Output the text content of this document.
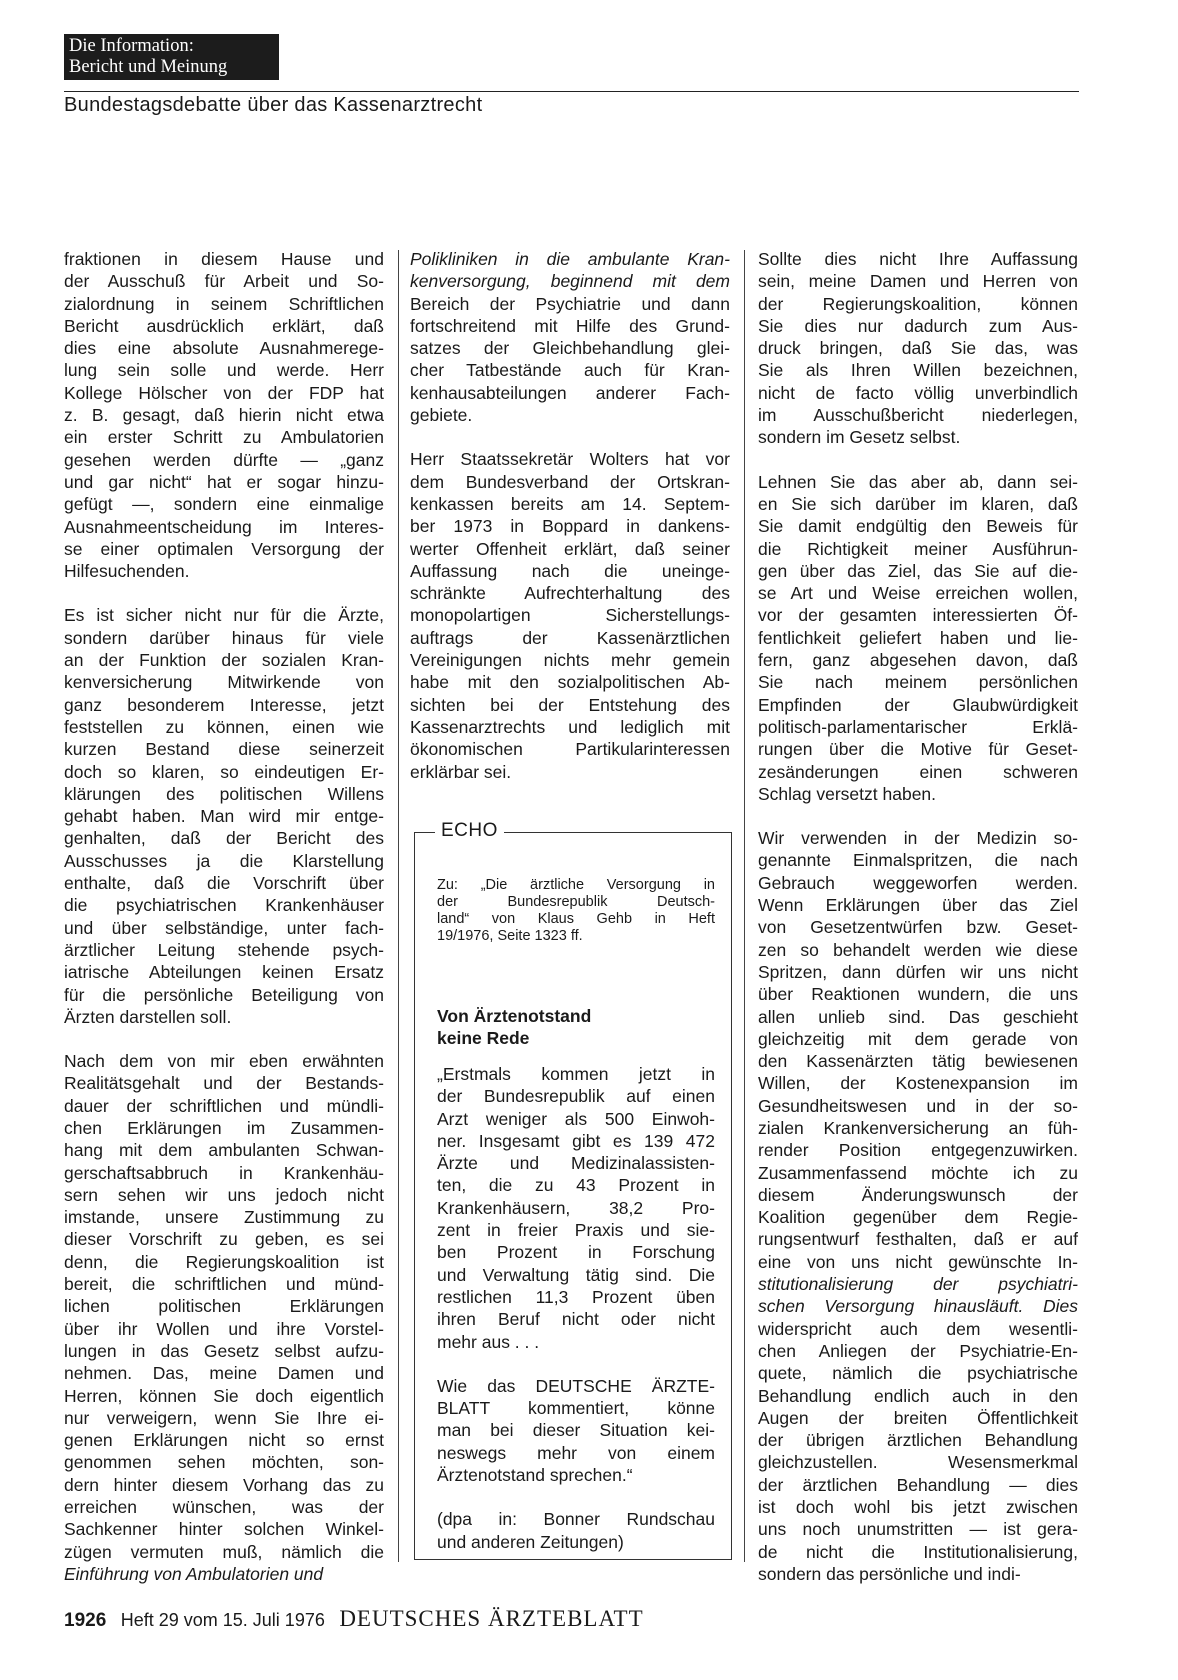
Die Information:
Bericht und Meinung
Bundestagsdebatte über das Kassenarztrecht
fraktionen in diesem Hause und
der Ausschuß für Arbeit und So-
zialordnung in seinem Schriftlichen
Bericht ausdrücklich erklärt, daß
dies eine absolute Ausnahmerege-
lung sein solle und werde. Herr
Kollege Hölscher von der FDP hat
z. B. gesagt, daß hierin nicht etwa
ein erster Schritt zu Ambulatorien
gesehen werden dürfte — „ganz
und gar nicht“ hat er sogar hinzu-
gefügt —, sondern eine einmalige
Ausnahmeentscheidung im Interes-
se einer optimalen Versorgung der
Hilfesuchenden.
Es ist sicher nicht nur für die Ärzte,
sondern darüber hinaus für viele
an der Funktion der sozialen Kran-
kenversicherung Mitwirkende von
ganz besonderem Interesse, jetzt
feststellen zu können, einen wie
kurzen Bestand diese seinerzeit
doch so klaren, so eindeutigen Er-
klärungen des politischen Willens
gehabt haben. Man wird mir entge-
genhalten, daß der Bericht des
Ausschusses ja die Klarstellung
enthalte, daß die Vorschrift über
die psychiatrischen Krankenhäuser
und über selbständige, unter fach-
ärztlicher Leitung stehende psych-
iatrische Abteilungen keinen Ersatz
für die persönliche Beteiligung von
Ärzten darstellen soll.
Nach dem von mir eben erwähnten
Realitätsgehalt und der Bestands-
dauer der schriftlichen und mündli-
chen Erklärungen im Zusammen-
hang mit dem ambulanten Schwan-
gerschaftsabbruch in Krankenhäu-
sern sehen wir uns jedoch nicht
imstande, unsere Zustimmung zu
dieser Vorschrift zu geben, es sei
denn, die Regierungskoalition ist
bereit, die schriftlichen und münd-
lichen politischen Erklärungen
über ihr Wollen und ihre Vorstel-
lungen in das Gesetz selbst aufzu-
nehmen. Das, meine Damen und
Herren, können Sie doch eigentlich
nur verweigern, wenn Sie Ihre ei-
genen Erklärungen nicht so ernst
genommen sehen möchten, son-
dern hinter diesem Vorhang das zu
erreichen wünschen, was der
Sachkenner hinter solchen Winkel-
zügen vermuten muß, nämlich die
Einführung von Ambulatorien und
Polikliniken in die ambulante Kran-
kenversorgung, beginnend mit dem
Bereich der Psychiatrie und dann
fortschreitend mit Hilfe des Grund-
satzes der Gleichbehandlung glei-
cher Tatbestände auch für Kran-
kenhausabteilungen anderer Fach-
gebiete.
Herr Staatssekretär Wolters hat vor
dem Bundesverband der Ortskran-
kenkassen bereits am 14. Septem-
ber 1973 in Boppard in dankens-
werter Offenheit erklärt, daß seiner
Auffassung nach die uneinge-
schränkte Aufrechterhaltung des
monopolartigen Sicherstellungs-
auftrags der Kassenärztlichen
Vereinigungen nichts mehr gemein
habe mit den sozialpolitischen Ab-
sichten bei der Entstehung des
Kassenarztrechts und lediglich mit
ökonomischen Partikularinteressen
erklärbar sei.
Sollte dies nicht Ihre Auffassung
sein, meine Damen und Herren von
der Regierungskoalition, können
Sie dies nur dadurch zum Aus-
druck bringen, daß Sie das, was
Sie als Ihren Willen bezeichnen,
nicht de facto völlig unverbindlich
im Ausschußbericht niederlegen,
sondern im Gesetz selbst.
Lehnen Sie das aber ab, dann sei-
en Sie sich darüber im klaren, daß
Sie damit endgültig den Beweis für
die Richtigkeit meiner Ausführun-
gen über das Ziel, das Sie auf die-
se Art und Weise erreichen wollen,
vor der gesamten interessierten Öf-
fentlichkeit geliefert haben und lie-
fern, ganz abgesehen davon, daß
Sie nach meinem persönlichen
Empfinden der Glaubwürdigkeit
politisch-parlamentarischer Erklä-
rungen über die Motive für Geset-
zesänderungen einen schweren
Schlag versetzt haben.
Wir verwenden in der Medizin so-
genannte Einmalspritzen, die nach
Gebrauch weggeworfen werden.
Wenn Erklärungen über das Ziel
von Gesetzentwürfen bzw. Geset-
zen so behandelt werden wie diese
Spritzen, dann dürfen wir uns nicht
über Reaktionen wundern, die uns
allen unlieb sind. Das geschieht
gleichzeitig mit dem gerade von
den Kassenärzten tätig bewiesenen
Willen, der Kostenexpansion im
Gesundheitswesen und in der so-
zialen Krankenversicherung an füh-
render Position entgegenzuwirken.
Zusammenfassend möchte ich zu
diesem Änderungswunsch der
Koalition gegenüber dem Regie-
rungsentwurf festhalten, daß er auf
eine von uns nicht gewünschte In-
stitutionalisierung der psychiatri-
schen Versorgung hinausläuft. Dies
widerspricht auch dem wesentli-
chen Anliegen der Psychiatrie-En-
quete, nämlich die psychiatrische
Behandlung endlich auch in den
Augen der breiten Öffentlichkeit
der übrigen ärztlichen Behandlung
gleichzustellen. Wesensmerkmal
der ärztlichen Behandlung — dies
ist doch wohl bis jetzt zwischen
uns noch unumstritten — ist gera-
de nicht die Institutionalisierung,
sondern das persönliche und indi-
ECHO
Zu: „Die ärztliche Versorgung in
der Bundesrepublik Deutsch-
land“ von Klaus Gehb in Heft
19/1976, Seite 1323 ff.
Von Ärztenotstand
keine Rede
„Erstmals kommen jetzt in
der Bundesrepublik auf einen
Arzt weniger als 500 Einwoh-
ner. Insgesamt gibt es 139 472
Ärzte und Medizinalassisten-
ten, die zu 43 Prozent in
Krankenhäusern, 38,2 Pro-
zent in freier Praxis und sie-
ben Prozent in Forschung
und Verwaltung tätig sind. Die
restlichen 11,3 Prozent üben
ihren Beruf nicht oder nicht
mehr aus . . .
Wie das DEUTSCHE ÄRZTE-
BLATT kommentiert, könne
man bei dieser Situation kei-
neswegs mehr von einem
Ärztenotstand sprechen.“
(dpa in: Bonner Rundschau
und anderen Zeitungen)
1926 Heft 29 vom 15. Juli 1976 DEUTSCHES ÄRZTEBLATT
